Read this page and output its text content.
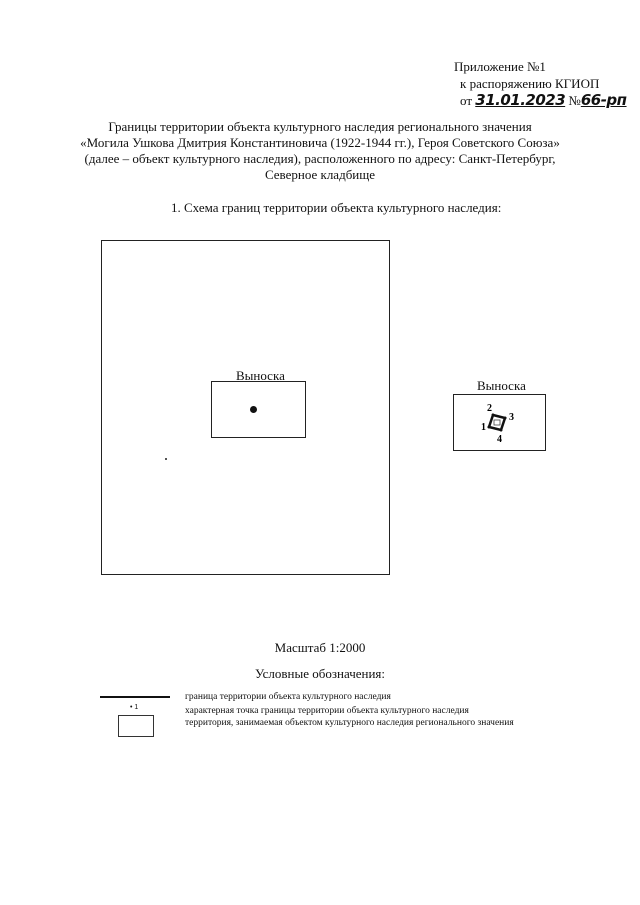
Приложение №1
к распоряжению КГИОП
от 31.01.2023 №66-рп
Границы территории объекта культурного наследия регионального значения
«Могила Ушкова Дмитрия Константиновича (1922-1944 гг.), Героя Советского Союза»
(далее – объект культурного наследия), расположенного по адресу: Санкт-Петербург,
Северное кладбище
1. Схема границ территории объекта культурного наследия:
Выноска
Выноска
1
2
3
4
Масштаб 1:2000
Условные обозначения:
граница территории объекта культурного наследия
• 1	характерная точка границы территории объекта культурного наследия
территория, занимаемая объектом культурного наследия регионального значения
